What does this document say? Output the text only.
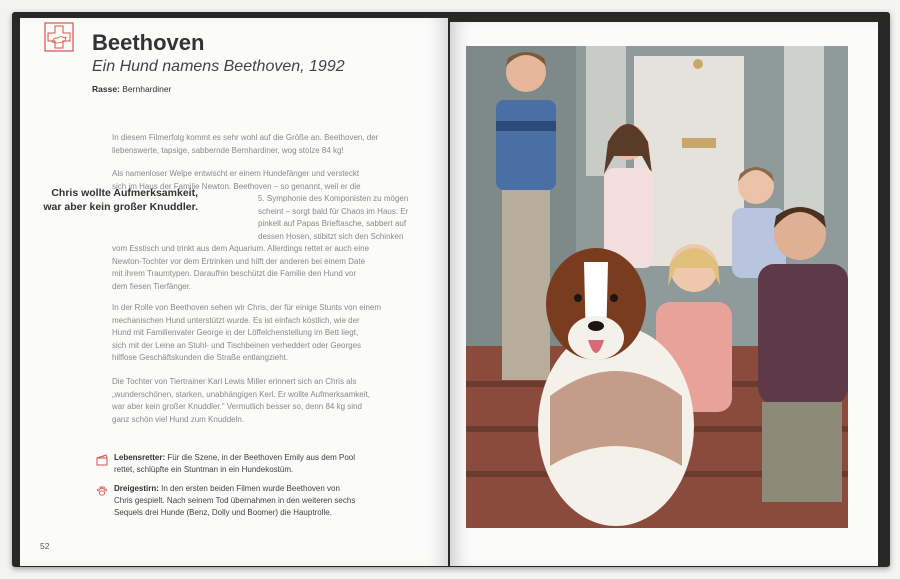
Beethoven
Ein Hund namens Beethoven, 1992
Rasse: Bernhardiner
In diesem Filmerfolg kommt es sehr wohl auf die Größe an. Beethoven, der
liebenswerte, tapsige, sabbernde Bernhardiner, wog stolze 84 kg!
Als namenloser Welpe entwischt er einem Hundefänger und versteckt
sich im Haus der Familie Newton. Beethoven – so genannt, weil er die
5. Symphonie des Komponisten zu mögen
scheint – sorgt bald für Chaos im Haus: Er
pinkelt auf Papas Brieftasche, sabbert auf
dessen Hosen, stibitzt sich den Schinken
vom Esstisch und trinkt aus dem Aquarium. Allerdings rettet er auch eine
Newton-Tochter vor dem Ertrinken und hilft der anderen bei einem Date
mit ihrem Traumtypen. Daraufhin beschützt die Familie den Hund vor
dem fiesen Tierfänger.
Chris wollte Aufmerksamkeit,
war aber kein großer Knuddler.
In der Rolle von Beethoven sehen wir Chris, der für einige Stunts von einem
mechanischen Hund unterstützt wurde. Es ist einfach köstlich, wie der
Hund mit Familienvater George in der Löffelchenstellung im Bett liegt,
sich mit der Leine an Stuhl- und Tischbeinen verheddert oder Georges
hilflose Geschäftskunden die Straße entlangzieht.
Die Tochter von Tiertrainer Karl Lewis Miller erinnert sich an Chris als
„wunderschönen, starken, unabhängigen Kerl. Er wollte Aufmerksamkeit,
war aber kein großer Knuddler.“ Vermutlich besser so, denn 84 kg sind
ganz schön viel Hund zum Knuddeln.
Lebensretter: Für die Szene, in der Beethoven Emily aus dem Pool
rettet, schlüpfte ein Stuntman in ein Hundekostüm.
Dreigestirn: In den ersten beiden Filmen wurde Beethoven von
Chris gespielt. Nach seinem Tod übernahmen in den weiteren sechs
Sequels drei Hunde (Benz, Dolly und Boomer) die Hauptrolle.
52
